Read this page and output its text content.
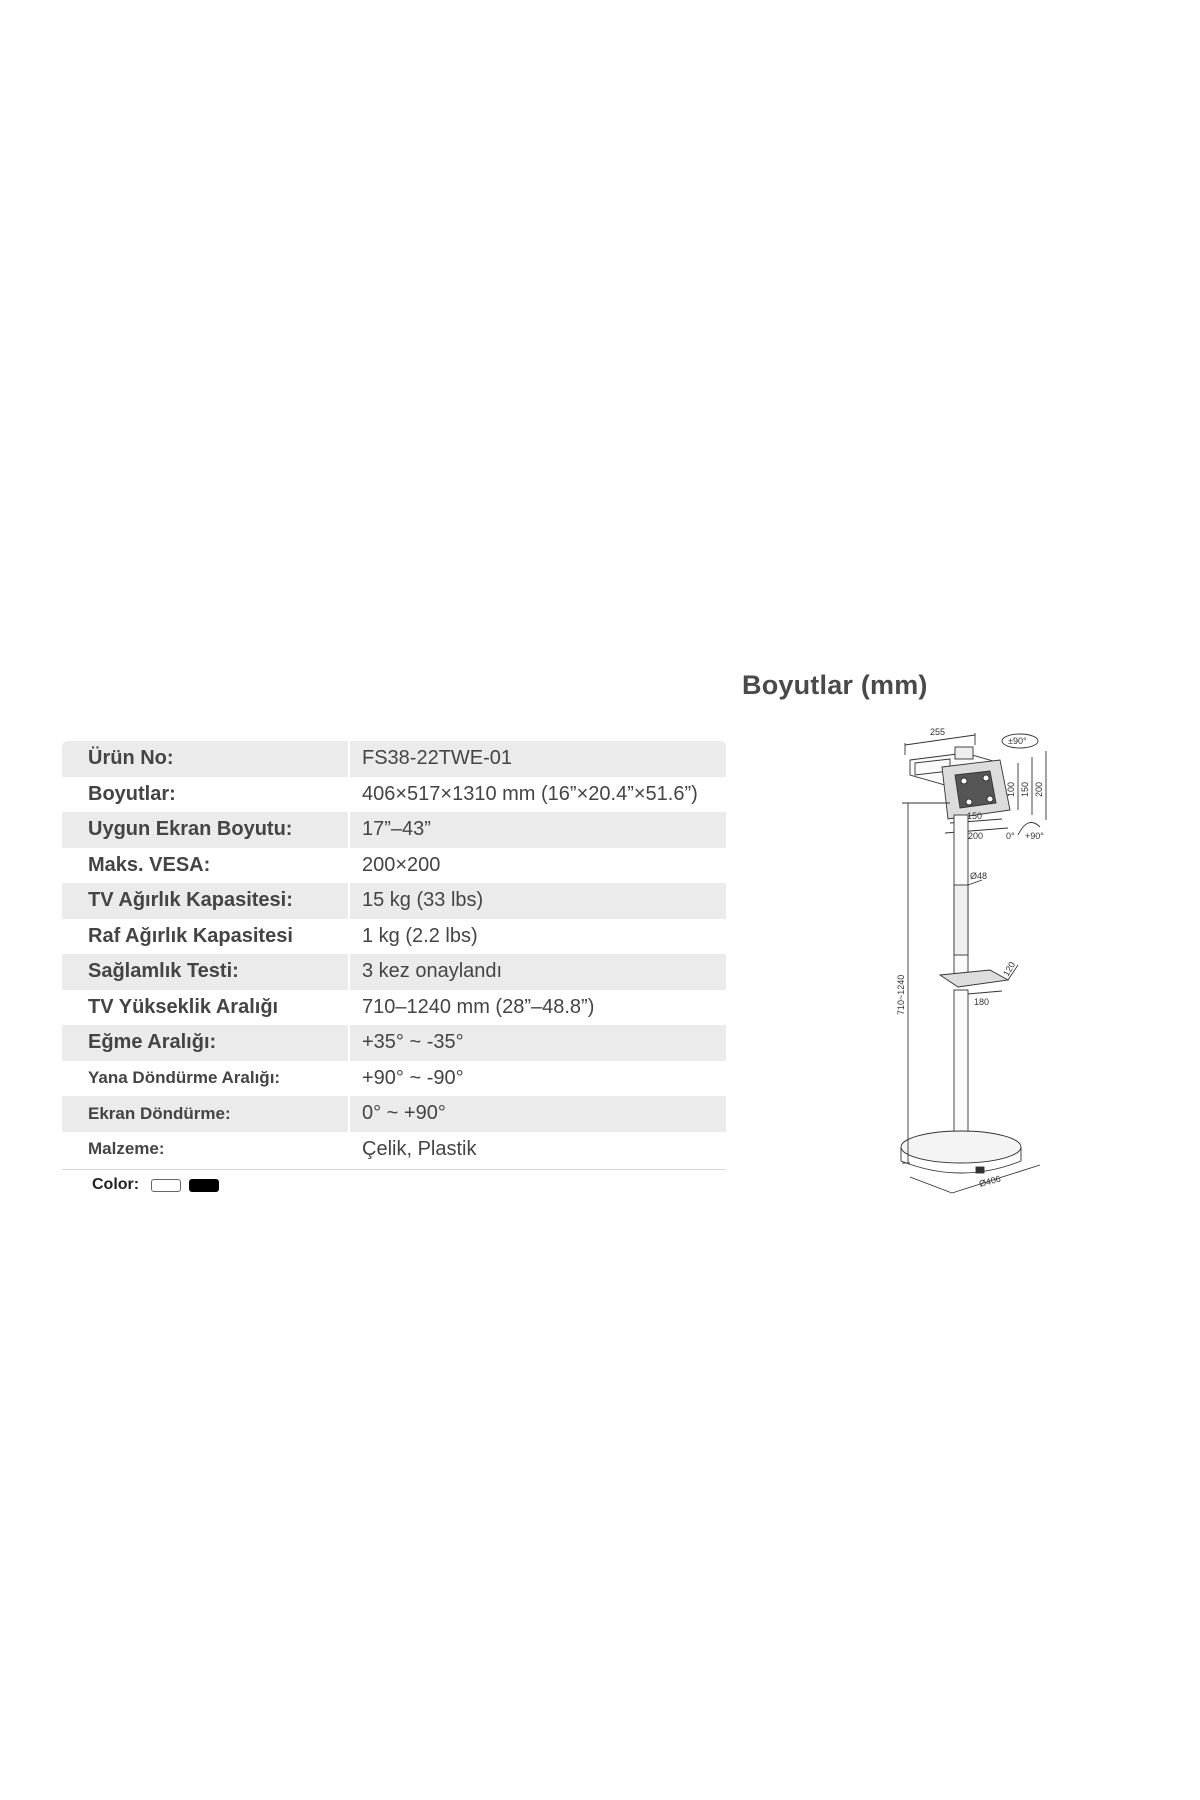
Ürün No:	FS38-22TWE-01
Boyutlar:	406×517×1310 mm (16”×20.4”×51.6”)
Uygun Ekran Boyutu:	17”–43”
Maks. VESA:	200×200
TV Ağırlık Kapasitesi:	15 kg (33 lbs)
Raf Ağırlık Kapasitesi	1 kg (2.2 lbs)
Sağlamlık Testi:	3 kez onaylandı
TV Yükseklik Aralığı	710–1240 mm (28”–48.8”)
Eğme Aralığı:	+35° ~ -35°
Yana Döndürme Aralığı:	+90° ~ -90°
Ekran Döndürme:	0° ~ +90°
Malzeme:	Çelik, Plastik
Color:
Boyutlar (mm)
255
±90°
100 150 200
150
200	0° +90°
Ø48
710~1240
120
180
Ø406
